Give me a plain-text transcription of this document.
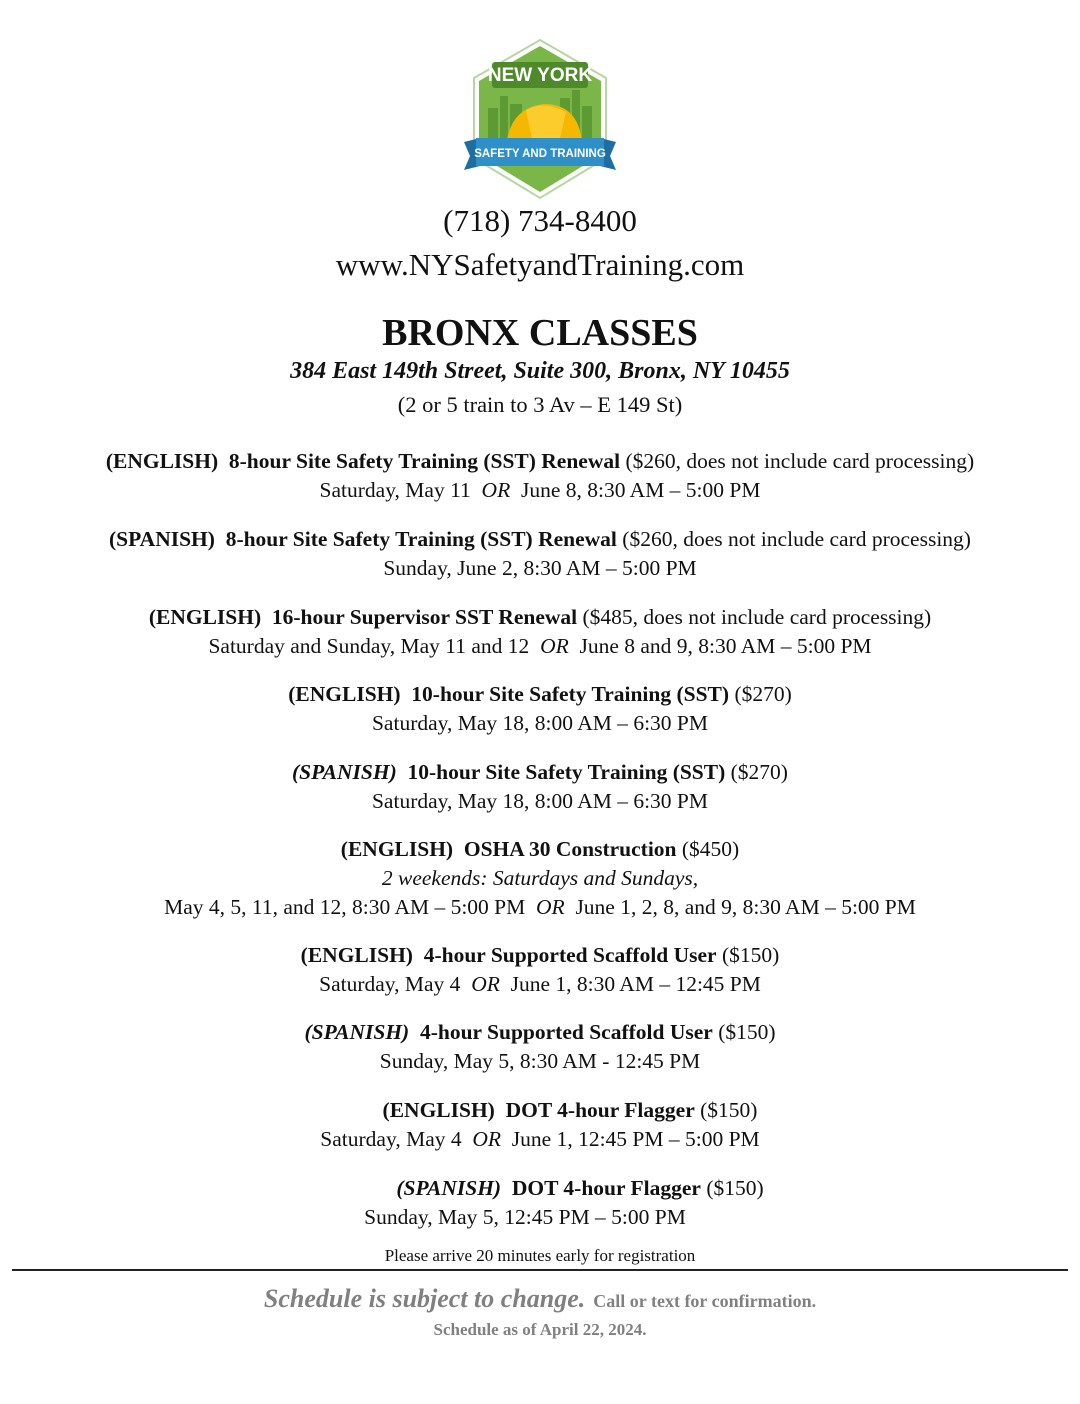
NEW YORK
SAFETY AND TRAINING
(718) 734-8400
www.NYSafetyandTraining.com
BRONX CLASSES
384 East 149th Street, Suite 300, Bronx, NY 10455
(2 or 5 train to 3 Av – E 149 St)
(ENGLISH) 8-hour Site Safety Training (SST) Renewal ($260, does not include card processing)
Saturday, May 11 OR June 8, 8:30 AM – 5:00 PM
(SPANISH) 8-hour Site Safety Training (SST) Renewal ($260, does not include card processing)
Sunday, June 2, 8:30 AM – 5:00 PM
(ENGLISH) 16-hour Supervisor SST Renewal ($485, does not include card processing)
Saturday and Sunday, May 11 and 12 OR June 8 and 9, 8:30 AM – 5:00 PM
(ENGLISH) 10-hour Site Safety Training (SST) ($270)
Saturday, May 18, 8:00 AM – 6:30 PM
(SPANISH) 10-hour Site Safety Training (SST) ($270)
Saturday, May 18, 8:00 AM – 6:30 PM
(ENGLISH) OSHA 30 Construction ($450)
2 weekends: Saturdays and Sundays,
May 4, 5, 11, and 12, 8:30 AM – 5:00 PM OR June 1, 2, 8, and 9, 8:30 AM – 5:00 PM
(ENGLISH) 4-hour Supported Scaffold User ($150)
Saturday, May 4 OR June 1, 8:30 AM – 12:45 PM
(SPANISH) 4-hour Supported Scaffold User ($150)
Sunday, May 5, 8:30 AM - 12:45 PM
(ENGLISH) DOT 4-hour Flagger ($150)
Saturday, May 4 OR June 1, 12:45 PM – 5:00 PM
(SPANISH) DOT 4-hour Flagger ($150)
Sunday, May 5, 12:45 PM – 5:00 PM
Please arrive 20 minutes early for registration
Schedule is subject to change. Call or text for confirmation.
Schedule as of April 22, 2024.
